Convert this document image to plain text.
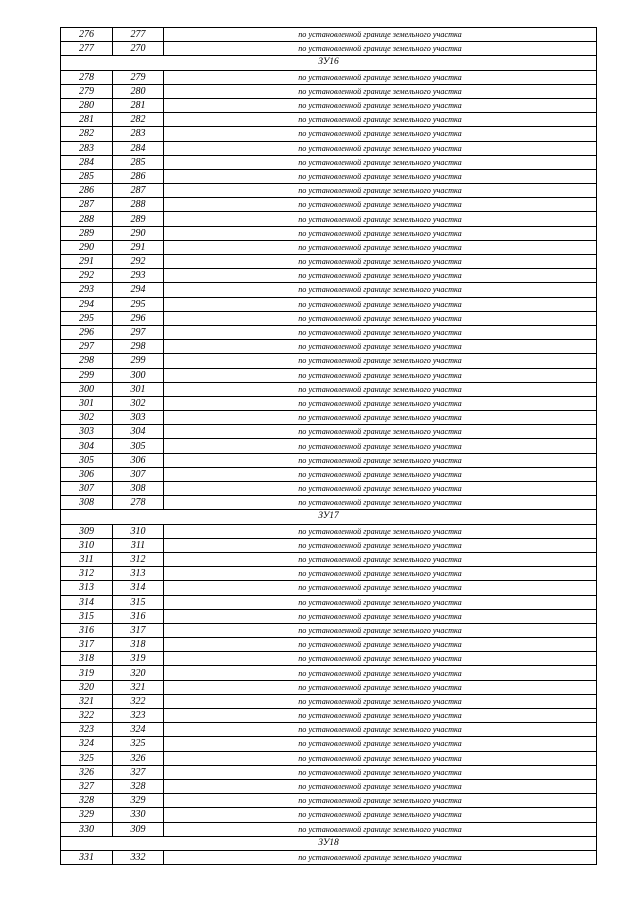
276	277	по установленной границе земельного участка
277	270	по установленной границе земельного участка
ЗУ16		
278	279	по установленной границе земельного участка
279	280	по установленной границе земельного участка
280	281	по установленной границе земельного участка
281	282	по установленной границе земельного участка
282	283	по установленной границе земельного участка
283	284	по установленной границе земельного участка
284	285	по установленной границе земельного участка
285	286	по установленной границе земельного участка
286	287	по установленной границе земельного участка
287	288	по установленной границе земельного участка
288	289	по установленной границе земельного участка
289	290	по установленной границе земельного участка
290	291	по установленной границе земельного участка
291	292	по установленной границе земельного участка
292	293	по установленной границе земельного участка
293	294	по установленной границе земельного участка
294	295	по установленной границе земельного участка
295	296	по установленной границе земельного участка
296	297	по установленной границе земельного участка
297	298	по установленной границе земельного участка
298	299	по установленной границе земельного участка
299	300	по установленной границе земельного участка
300	301	по установленной границе земельного участка
301	302	по установленной границе земельного участка
302	303	по установленной границе земельного участка
303	304	по установленной границе земельного участка
304	305	по установленной границе земельного участка
305	306	по установленной границе земельного участка
306	307	по установленной границе земельного участка
307	308	по установленной границе земельного участка
308	278	по установленной границе земельного участка
ЗУ17		
309	310	по установленной границе земельного участка
310	311	по установленной границе земельного участка
311	312	по установленной границе земельного участка
312	313	по установленной границе земельного участка
313	314	по установленной границе земельного участка
314	315	по установленной границе земельного участка
315	316	по установленной границе земельного участка
316	317	по установленной границе земельного участка
317	318	по установленной границе земельного участка
318	319	по установленной границе земельного участка
319	320	по установленной границе земельного участка
320	321	по установленной границе земельного участка
321	322	по установленной границе земельного участка
322	323	по установленной границе земельного участка
323	324	по установленной границе земельного участка
324	325	по установленной границе земельного участка
325	326	по установленной границе земельного участка
326	327	по установленной границе земельного участка
327	328	по установленной границе земельного участка
328	329	по установленной границе земельного участка
329	330	по установленной границе земельного участка
330	309	по установленной границе земельного участка
ЗУ18		
331	332	по установленной границе земельного участка
